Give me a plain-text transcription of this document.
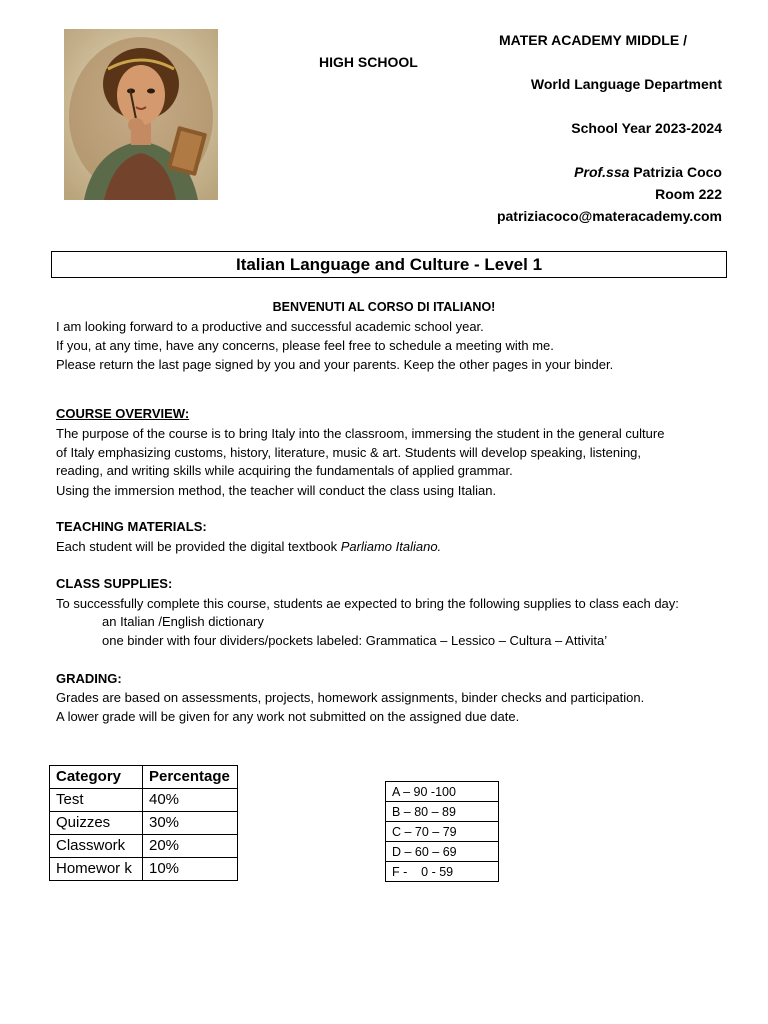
MATER ACADEMY MIDDLE /
HIGH SCHOOL
World Language Department
School Year 2023-2024
Prof.ssa Patrizia Coco
Room 222
patriziacoco@materacademy.com
Italian Language and Culture - Level 1
BENVENUTI AL CORSO DI ITALIANO!
I am looking forward to a productive and successful academic school year.
If you, at any time, have any concerns, please feel free to schedule a meeting with me.
Please return the last page signed by you and your parents. Keep the other pages in your binder.
COURSE OVERVIEW:
The purpose of the course is to bring Italy into the classroom, immersing the student in the general culture
of Italy emphasizing customs, history, literature, music & art. Students will develop speaking, listening,
reading, and writing skills while acquiring the fundamentals of applied grammar.
Using the immersion method, the teacher will conduct the class using Italian.
TEACHING MATERIALS:
Each student will be provided the digital textbook Parliamo Italiano.
CLASS SUPPLIES:
To successfully complete this course, students ae expected to bring the following supplies to class each day:
an Italian /English dictionary
one binder with four dividers/pockets labeled: Grammatica – Lessico – Cultura – Attivita’
GRADING:
Grades are based on assessments, projects, homework assignments, binder checks and participation.
A lower grade will be given for any work not submitted on the assigned due date.
Category	Percentage
Test	40%
Quizzes	30%
Classwork	20%
Homewor k	10%
A – 90 -100
B – 80 – 89
C – 70 – 79
D – 60 – 69
F -    0 - 59
